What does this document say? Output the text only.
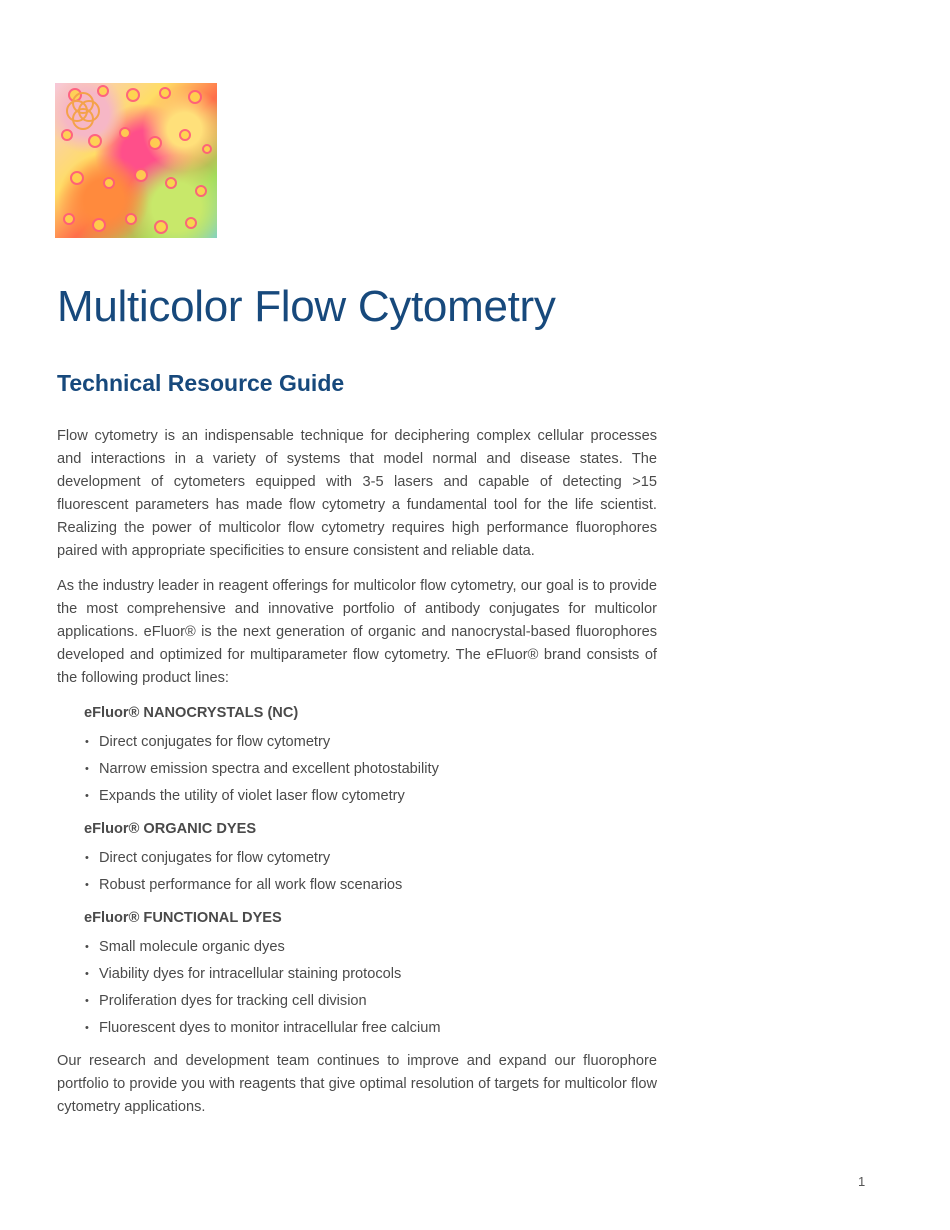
Multicolor Flow Cytometry
Technical Resource Guide

Flow cytometry is an indispensable technique for deciphering complex cellular processes and interactions in a variety of systems that model normal and disease states. The development of cytometers equipped with 3-5 lasers and capable of detecting >15 fluorescent parameters has made flow cytometry a fundamental tool for the life scientist. Realizing the power of multicolor flow cytometry requires high performance fluorophores paired with appropriate specificities to ensure consistent and reliable data.

As the industry leader in reagent offerings for multicolor flow cytometry, our goal is to provide the most comprehensive and innovative portfolio of antibody conjugates for multicolor applications. eFluor® is the next generation of organic and nanocrystal-based fluorophores developed and optimized for multiparameter flow cytometry. The eFluor® brand consists of the following product lines:

eFluor® NANOCRYSTALS (NC)
• Direct conjugates for flow cytometry
• Narrow emission spectra and excellent photostability
• Expands the utility of violet laser flow cytometry
eFluor® ORGANIC DYES
• Direct conjugates for flow cytometry
• Robust performance for all work flow scenarios
eFluor® FUNCTIONAL DYES
• Small molecule organic dyes
• Viability dyes for intracellular staining protocols
• Proliferation dyes for tracking cell division
• Fluorescent dyes to monitor intracellular free calcium

Our research and development team continues to improve and expand our fluorophore portfolio to provide you with reagents that give optimal resolution of targets for multicolor flow cytometry applications.

1
